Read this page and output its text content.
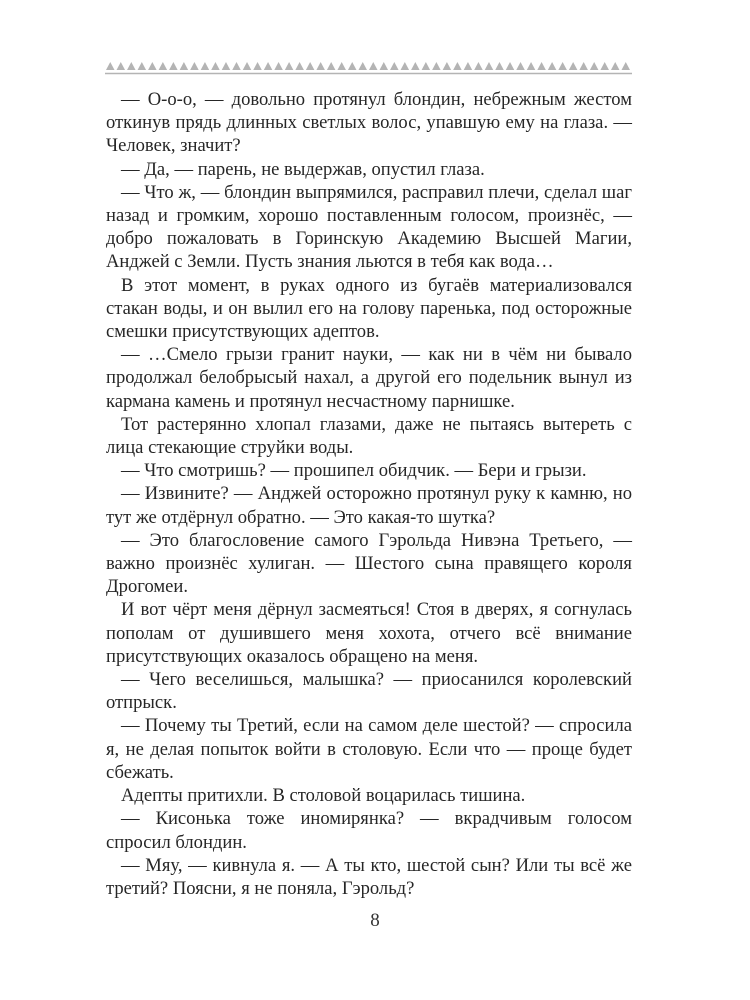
— О-о-о, — довольно протянул блондин, небрежным жестом откинув прядь длинных светлых волос, упавшую ему на глаза. — Человек, значит?

— Да, — парень, не выдержав, опустил глаза.

— Что ж, — блондин выпрямился, расправил плечи, сделал шаг назад и громким, хорошо поставленным голосом, произнёс, — добро пожаловать в Горинскую Академию Высшей Магии, Анджей с Земли. Пусть знания льются в тебя как вода…

В этот момент, в руках одного из бугаёв материализовался стакан воды, и он вылил его на голову паренька, под осторожные смешки присутствующих адептов.

— …Смело грызи гранит науки, — как ни в чём ни бывало продолжал белобрысый нахал, а другой его подельник вынул из кармана камень и протянул несчастному парнишке.

Тот растерянно хлопал глазами, даже не пытаясь вытереть с лица стекающие струйки воды.

— Что смотришь? — прошипел обидчик. — Бери и грызи.

— Извините? — Анджей осторожно протянул руку к камню, но тут же отдёрнул обратно. — Это какая-то шутка?

— Это благословение самого Гэрольда Нивэна Третьего, — важно произнёс хулиган. — Шестого сына правящего короля Дрогомеи.

И вот чёрт меня дёрнул засмеяться! Стоя в дверях, я согнулась пополам от душившего меня хохота, отчего всё внимание присутствующих оказалось обращено на меня.

— Чего веселишься, малышка? — приосанился королевский отпрыск.

— Почему ты Третий, если на самом деле шестой? — спросила я, не делая попыток войти в столовую. Если что — проще будет сбежать.

Адепты притихли. В столовой воцарилась тишина.

— Кисонька тоже иномирянка? — вкрадчивым голосом спросил блондин.

— Мяу, — кивнула я. — А ты кто, шестой сын? Или ты всё же третий? Поясни, я не поняла, Гэрольд?

8
